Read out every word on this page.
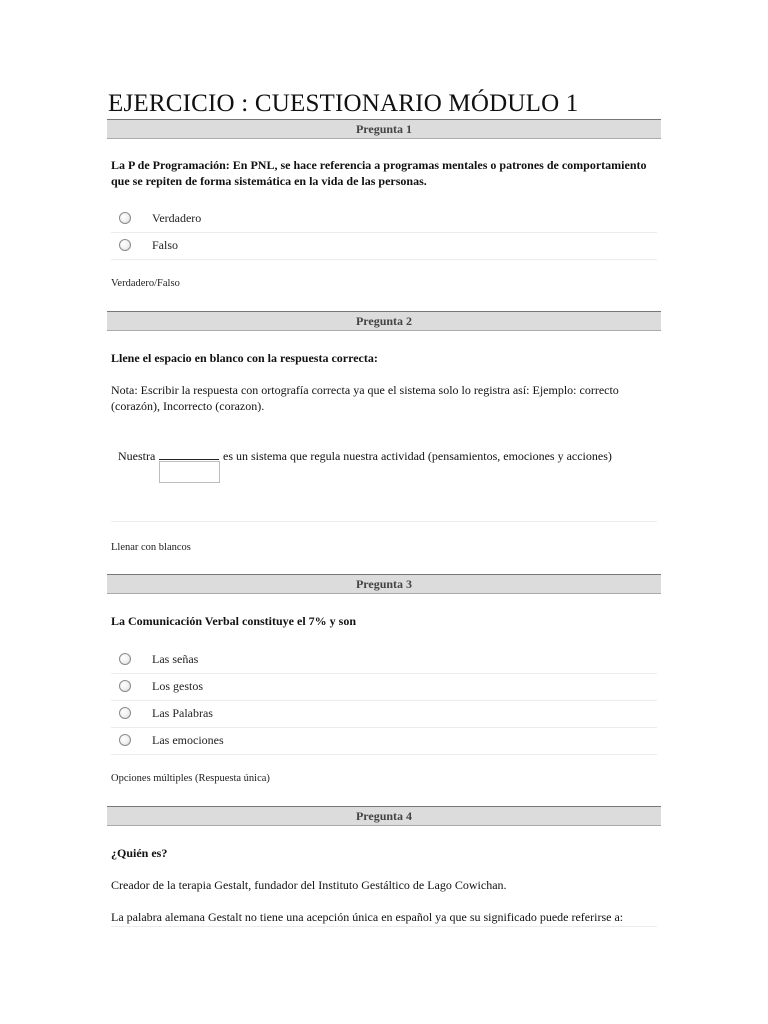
EJERCICIO : CUESTIONARIO MÓDULO 1
Pregunta 1
La P de Programación: En PNL, se hace referencia a programas mentales o patrones de comportamiento
que se repiten de forma sistemática en la vida de las personas.
Verdadero
Falso
Verdadero/Falso
Pregunta 2
Llene el espacio en blanco con la respuesta correcta:
Nota: Escribir la respuesta con ortografía correcta ya que el sistema solo lo registra así: Ejemplo: correcto
(corazón), Incorrecto (corazon).
Nuestra	es un sistema que regula nuestra actividad (pensamientos, emociones y acciones)
Llenar con blancos
Pregunta 3
La Comunicación Verbal constituye el 7% y son
Las señas
Los gestos
Las Palabras
Las emociones
Opciones múltiples (Respuesta única)
Pregunta 4
¿Quién es?
Creador de la terapia Gestalt, fundador del Instituto Gestáltico de Lago Cowichan.
La palabra alemana Gestalt no tiene una acepción única en español ya que su significado puede referirse a:
